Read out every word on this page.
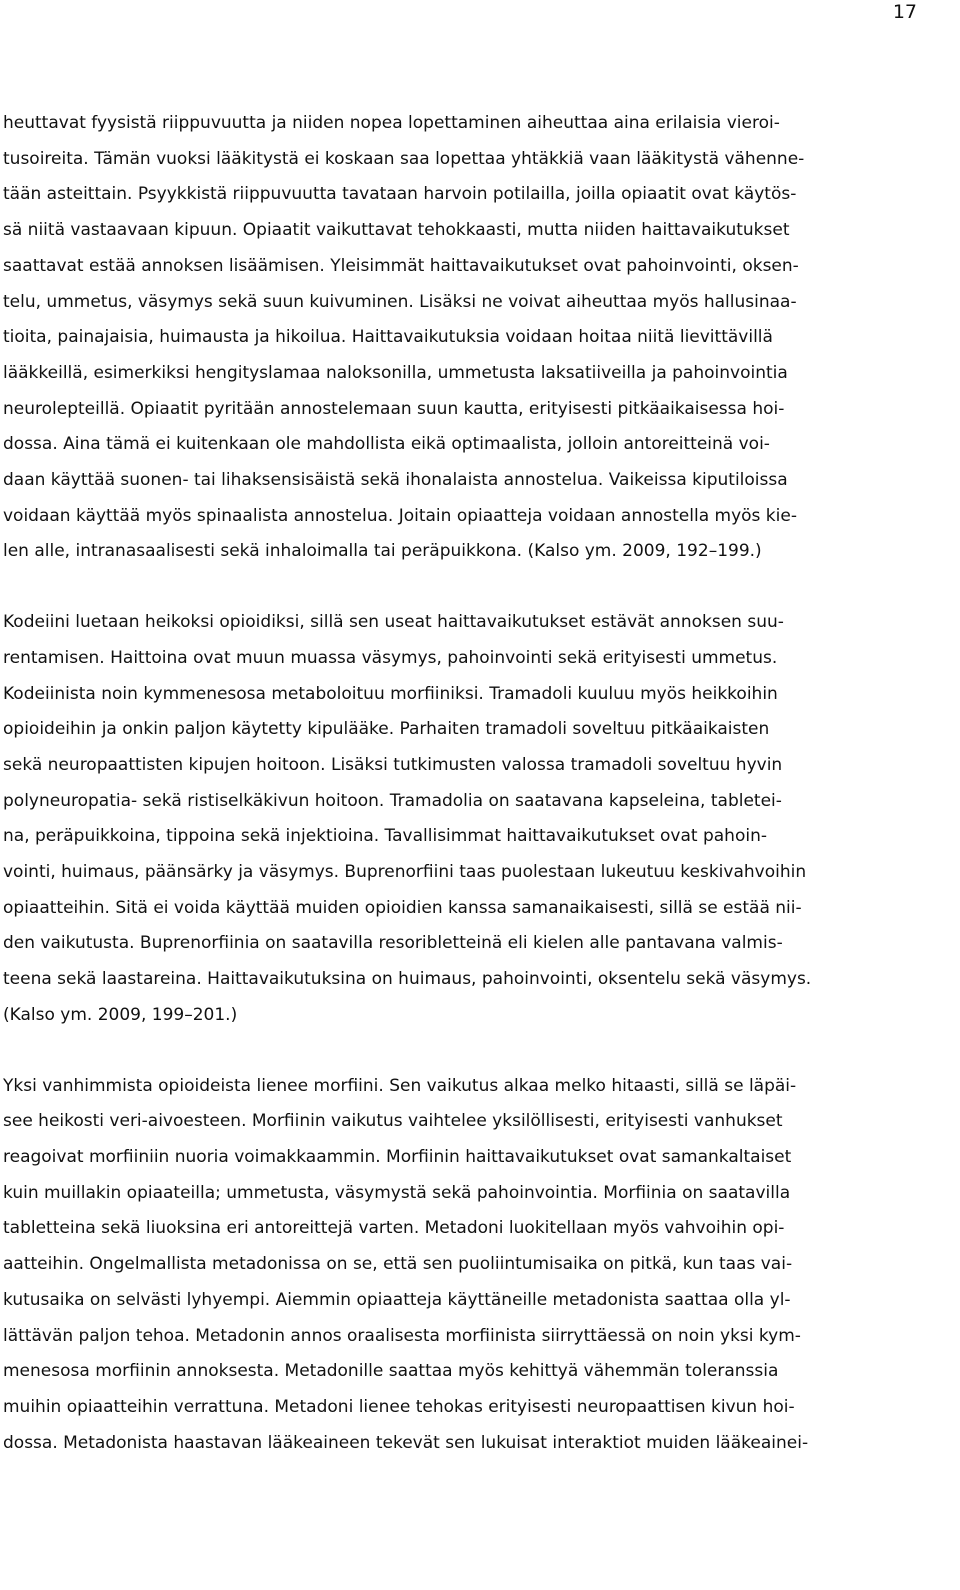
17

heuttavat fyysistä riippuvuutta ja niiden nopea lopettaminen aiheuttaa aina erilaisia vieroi-
tusoireita. Tämän vuoksi lääkitystä ei koskaan saa lopettaa yhtäkkiä vaan lääkitystä vähenne-
tään asteittain. Psyykkistä riippuvuutta tavataan harvoin potilailla, joilla opiaatit ovat käytös-
sä niitä vastaavaan kipuun. Opiaatit vaikuttavat tehokkaasti, mutta niiden haittavaikutukset
saattavat estää annoksen lisäämisen. Yleisimmät haittavaikutukset ovat pahoinvointi, oksen-
telu, ummetus, väsymys sekä suun kuivuminen. Lisäksi ne voivat aiheuttaa myös hallusinaa-
tioita, painajaisia, huimausta ja hikoilua. Haittavaikutuksia voidaan hoitaa niitä lievittävillä
lääkkeillä, esimerkiksi hengityslamaa naloksonilla, ummetusta laksatiiveilla ja pahoinvointia
neurolepteillä. Opiaatit pyritään annostelemaan suun kautta, erityisesti pitkäaikaisessa hoi-
dossa. Aina tämä ei kuitenkaan ole mahdollista eikä optimaalista, jolloin antoreitteinä voi-
daan käyttää suonen- tai lihaksensisäistä sekä ihonalaista annostelua. Vaikeissa kiputiloissa
voidaan käyttää myös spinaalista annostelua. Joitain opiaatteja voidaan annostella myös kie-
len alle, intranasaalisesti sekä inhaloimalla tai peräpuikkona. (Kalso ym. 2009, 192–199.)

Kodeiini luetaan heikoksi opioidiksi, sillä sen useat haittavaikutukset estävät annoksen suu-
rentamisen. Haittoina ovat muun muassa väsymys, pahoinvointi sekä erityisesti ummetus.
Kodeiinista noin kymmenesosa metaboloituu morfiiniksi. Tramadoli kuuluu myös heikkoihin
opioideihin ja onkin paljon käytetty kipulääke. Parhaiten tramadoli soveltuu pitkäaikaisten
sekä neuropaattisten kipujen hoitoon. Lisäksi tutkimusten valossa tramadoli soveltuu hyvin
polyneuropatia- sekä ristiselkäkivun hoitoon. Tramadolia on saatavana kapseleina, tabletei-
na, peräpuikkoina, tippoina sekä injektioina. Tavallisimmat haittavaikutukset ovat pahoin-
vointi, huimaus, päänsärky ja väsymys. Buprenorfiini taas puolestaan lukeutuu keskivahvoihin
opiaatteihin. Sitä ei voida käyttää muiden opioidien kanssa samanaikaisesti, sillä se estää nii-
den vaikutusta. Buprenorfiinia on saatavilla resoribletteinä eli kielen alle pantavana valmis-
teena sekä laastareina. Haittavaikutuksina on huimaus, pahoinvointi, oksentelu sekä väsymys.
(Kalso ym. 2009, 199–201.)

Yksi vanhimmista opioideista lienee morfiini. Sen vaikutus alkaa melko hitaasti, sillä se läpäi-
see heikosti veri-aivoesteen. Morfiinin vaikutus vaihtelee yksilöllisesti, erityisesti vanhukset
reagoivat morfiiniin nuoria voimakkaammin. Morfiinin haittavaikutukset ovat samankaltaiset
kuin muillakin opiaateilla; ummetusta, väsymystä sekä pahoinvointia. Morfiinia on saatavilla
tabletteina sekä liuoksina eri antoreittejä varten. Metadoni luokitellaan myös vahvoihin opi-
aatteihin. Ongelmallista metadonissa on se, että sen puoliintumisaika on pitkä, kun taas vai-
kutusaika on selvästi lyhyempi. Aiemmin opiaatteja käyttäneille metadonista saattaa olla yl-
lättävän paljon tehoa. Metadonin annos oraalisesta morfiinista siirryttäessä on noin yksi kym-
menesosa morfiinin annoksesta. Metadonille saattaa myös kehittyä vähemmän toleranssia
muihin opiaatteihin verrattuna. Metadoni lienee tehokas erityisesti neuropaattisen kivun hoi-
dossa. Metadonista haastavan lääkeaineen tekevät sen lukuisat interaktiot muiden lääkeainei-
